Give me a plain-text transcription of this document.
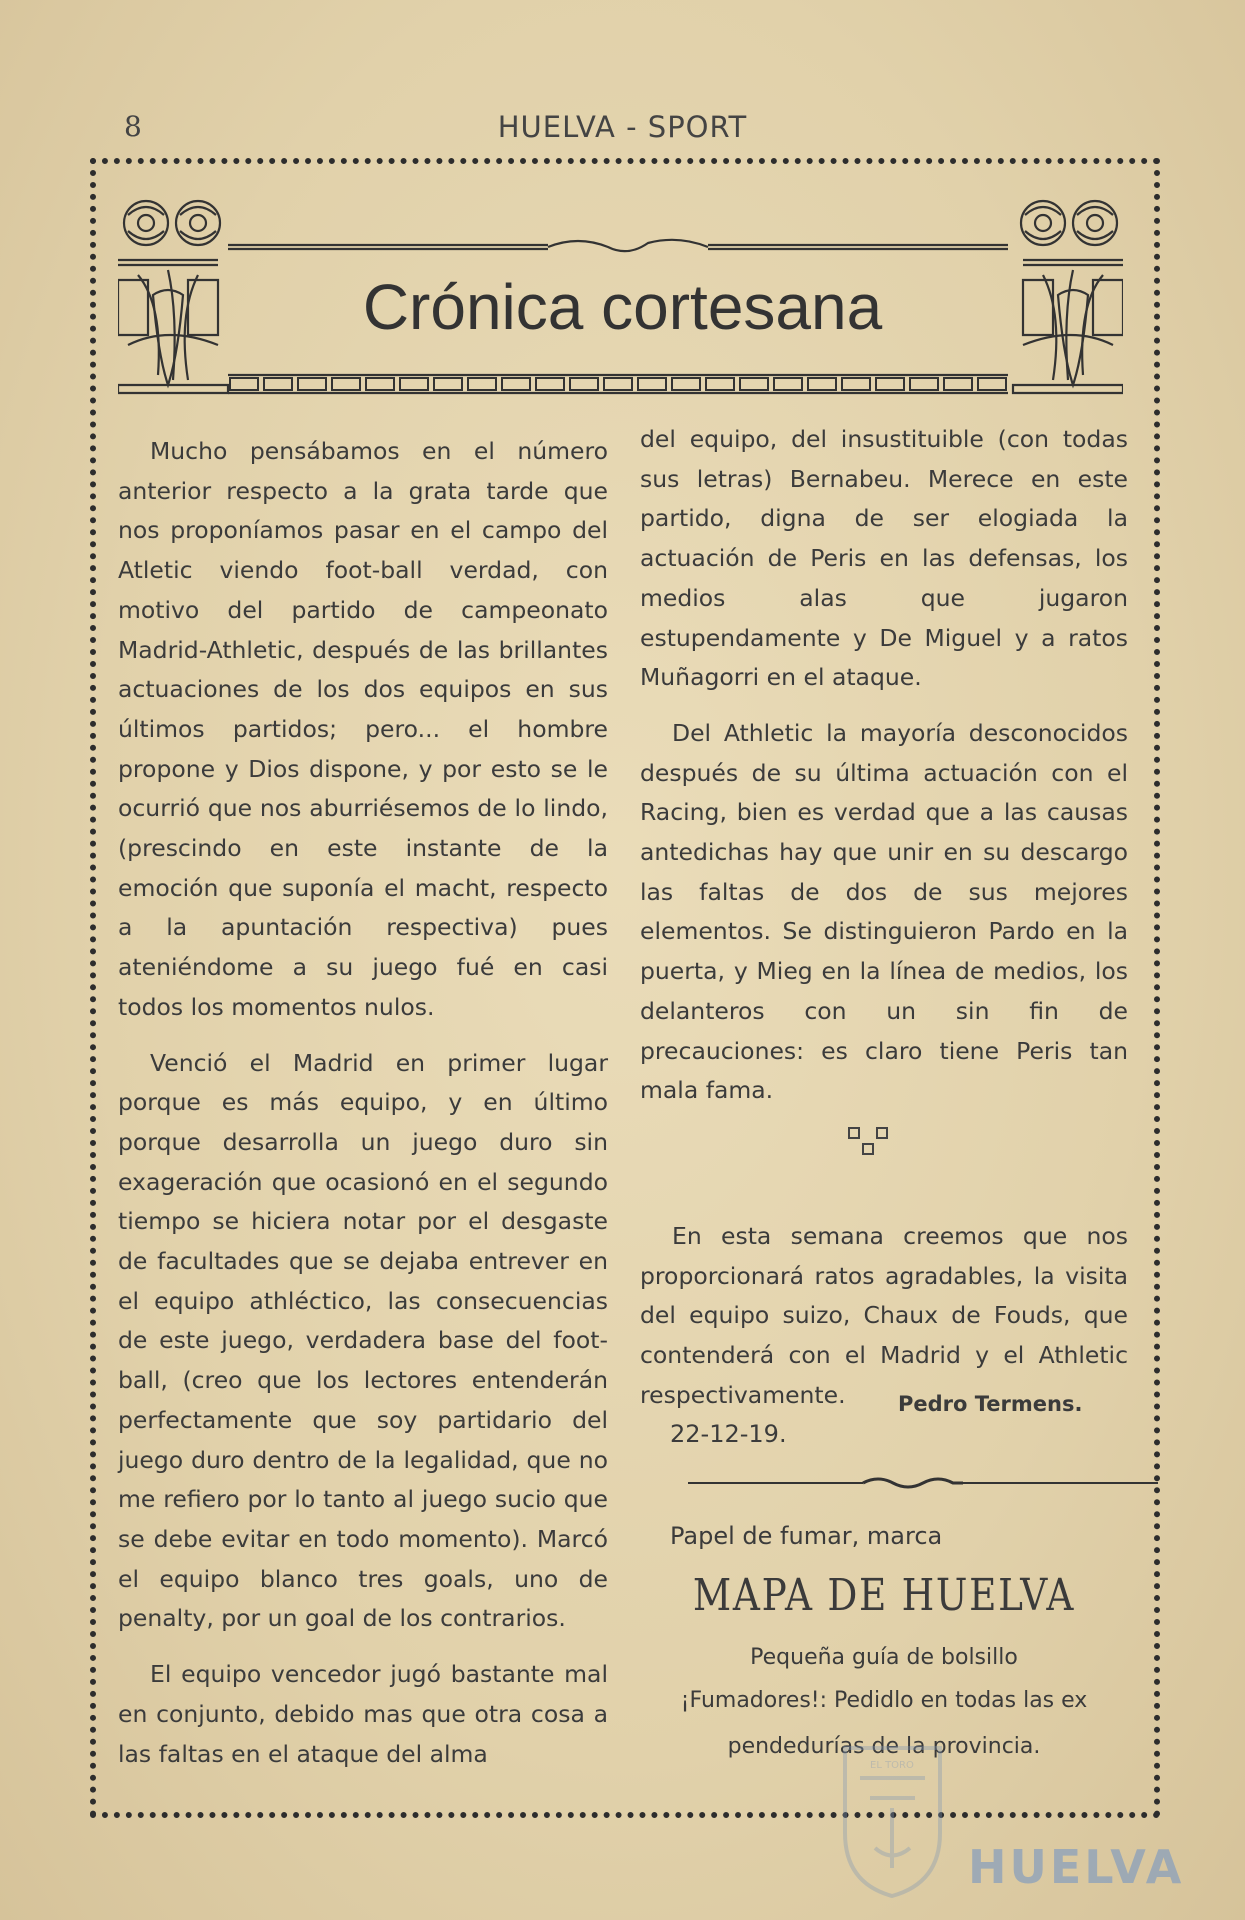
8	HUELVA - SPORT
Crónica cortesana

Mucho pensábamos en el número anterior respecto a la grata tarde que nos proponíamos pasar en el campo del Atletic viendo foot-ball verdad, con motivo del partido de campeonato Madrid-Athletic, después de las brillantes actuaciones de los dos equipos en sus últimos partidos; pero... el hombre propone y Dios dispone, y por esto se le ocurrió que nos aburriésemos de lo lindo, (prescindo en este instante de la emoción que suponía el macht, respecto a la apuntación respectiva) pues ateniéndome a su juego fué en casi todos los momentos nulos.

Venció el Madrid en primer lugar porque es más equipo, y en último porque desarrolla un juego duro sin exageración que ocasionó en el segundo tiempo se hiciera notar por el desgaste de facultades que se dejaba entrever en el equipo athléctico, las consecuencias de este juego, verdadera base del foot-ball, (creo que los lectores entenderán perfectamente que soy partidario del juego duro dentro de la legalidad, que no me refiero por lo tanto al juego sucio que se debe evitar en todo momento). Marcó el equipo blanco tres goals, uno de penalty, por un goal de los contrarios.

El equipo vencedor jugó bastante mal en conjunto, debido mas que otra cosa a las faltas en el ataque del alma

del equipo, del insustituible (con todas sus letras) Bernabeu. Merece en este partido, digna de ser elogiada la actuación de Peris en las defensas, los medios alas que jugaron estupendamente y De Miguel y a ratos Muñagorri en el ataque.

Del Athletic la mayoría desconocidos después de su última actuación con el Racing, bien es verdad que a las causas antedichas hay que unir en su descargo las faltas de dos de sus mejores elementos. Se distinguieron Pardo en la puerta, y Mieg en la línea de medios, los delanteros con un sin fin de precauciones: es claro tiene Peris tan mala fama.

En esta semana creemos que nos proporcionará ratos agradables, la visita del equipo suizo, Chaux de Fouds, que contenderá con el Madrid y el Athletic respectivamente.	Pedro Termens.
22-12-19.
Papel de fumar, marca
MAPA DE HUELVA
Pequeña guía de bolsillo
¡Fumadores!: Pedidlo en todas las ex
pendedurías de la provincia.
EL TORO
HUELVA
